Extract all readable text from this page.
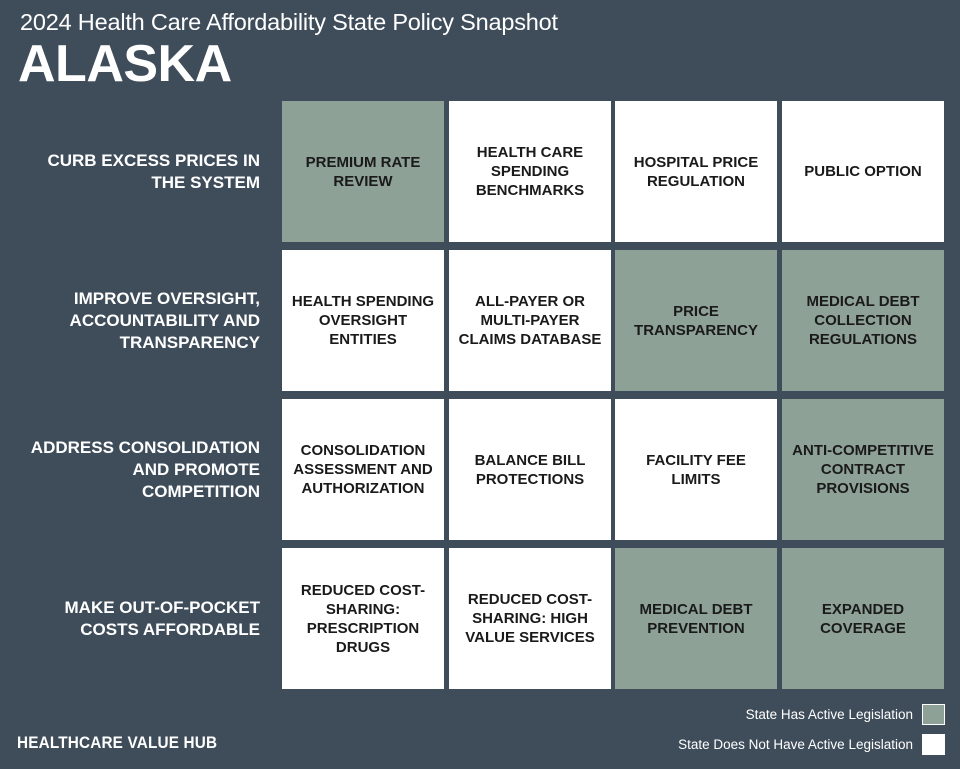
2024 Health Care Affordability State Policy Snapshot
ALASKA
CURB EXCESS PRICES IN THE SYSTEM
PREMIUM RATE REVIEW
HEALTH CARE SPENDING BENCHMARKS
HOSPITAL PRICE REGULATION
PUBLIC OPTION
IMPROVE OVERSIGHT, ACCOUNTABILITY AND TRANSPARENCY
HEALTH SPENDING OVERSIGHT ENTITIES
ALL-PAYER OR MULTI-PAYER CLAIMS DATABASE
PRICE TRANSPARENCY
MEDICAL DEBT COLLECTION REGULATIONS
ADDRESS CONSOLIDATION AND PROMOTE COMPETITION
CONSOLIDATION ASSESSMENT AND AUTHORIZATION
BALANCE BILL PROTECTIONS
FACILITY FEE LIMITS
ANTI-COMPETITIVE CONTRACT PROVISIONS
MAKE OUT-OF-POCKET COSTS AFFORDABLE
REDUCED COST-SHARING: PRESCRIPTION DRUGS
REDUCED COST-SHARING: HIGH VALUE SERVICES
MEDICAL DEBT PREVENTION
EXPANDED COVERAGE
State Has Active Legislation
State Does Not Have Active Legislation
HEALTHCARE VALUE HUB
